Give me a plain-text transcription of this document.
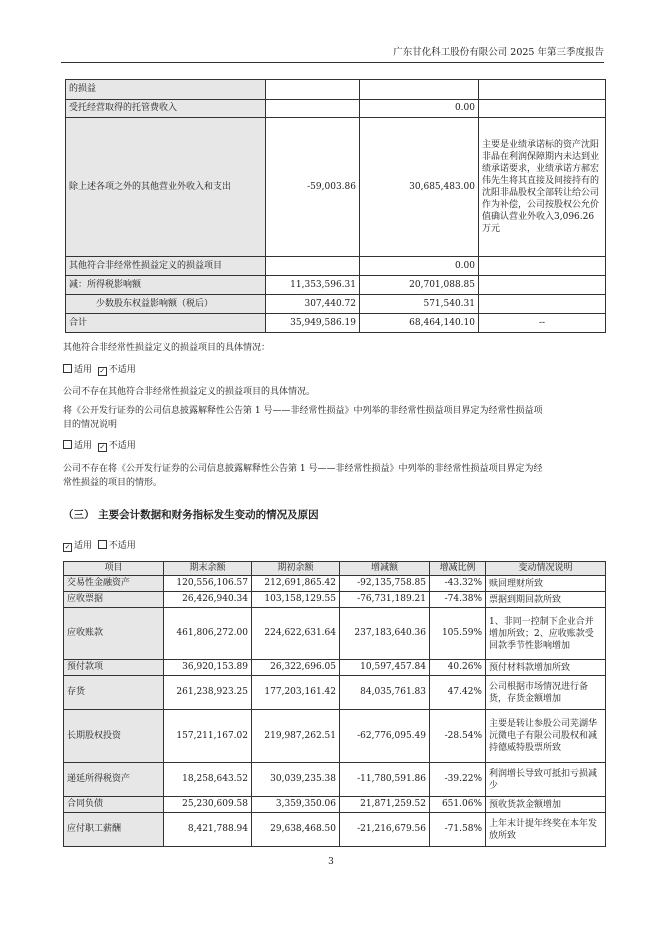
广东甘化科工股份有限公司 2025 年第三季度报告
的损益			
受托经营取得的托管费收入		0.00	
除上述各项之外的其他营业外收入和支出	-59,003.86	30,685,483.00	主要是业绩承诺标的资产沈阳非晶在利润保障期内未达到业绩承诺要求，业绩承诺方郝宏伟先生将其直接及间接持有的沈阳非晶股权全部转让给公司作为补偿，公司按股权公允价值确认营业外收入3,096.26 万元
其他符合非经常性损益定义的损益项目		0.00	
减：所得税影响额	11,353,596.31	20,701,088.85	
少数股东权益影响额（税后）	307,440.72	571,540.31	
合计	35,949,586.19	68,464,140.10	--
其他符合非经常性损益定义的损益项目的具体情况：
适用 ✓ 不适用
公司不存在其他符合非经常性损益定义的损益项目的具体情况。
将《公开发行证券的公司信息披露解释性公告第 1 号——非经常性损益》中列举的非经常性损益项目界定为经常性损益项
目的情况说明
适用 ✓ 不适用
公司不存在将《公开发行证券的公司信息披露解释性公告第 1 号——非经常性损益》中列举的非经常性损益项目界定为经
常性损益的项目的情形。
（三） 主要会计数据和财务指标发生变动的情况及原因
✓ 适用 不适用
项目	期末余额	期初余额	增减额	增减比例	变动情况说明
交易性金融资产	120,556,106.57	212,691,865.42	-92,135,758.85	-43.32%	赎回理财所致
应收票据	26,426,940.34	103,158,129.55	-76,731,189.21	-74.38%	票据到期回款所致
应收账款	461,806,272.00	224,622,631.64	237,183,640.36	105.59%	1、非同一控制下企业合并增加所致；2、应收账款受回款季节性影响增加
预付款项	36,920,153.89	26,322,696.05	10,597,457.84	40.26%	预付材料款增加所致
存货	261,238,923.25	177,203,161.42	84,035,761.83	47.42%	公司根据市场情况进行备货，存货金额增加
长期股权投资	157,211,167.02	219,987,262.51	-62,776,095.49	-28.54%	主要是转让参股公司芜湖华沅微电子有限公司股权和减持德威特股票所致
递延所得税资产	18,258,643.52	30,039,235.38	-11,780,591.86	-39.22%	利润增长导致可抵扣亏损减少
合同负债	25,230,609.58	3,359,350.06	21,871,259.52	651.06%	预收货款金额增加
应付职工薪酬	8,421,788.94	29,638,468.50	-21,216,679.56	-71.58%	上年末计提年终奖在本年发放所致
3
